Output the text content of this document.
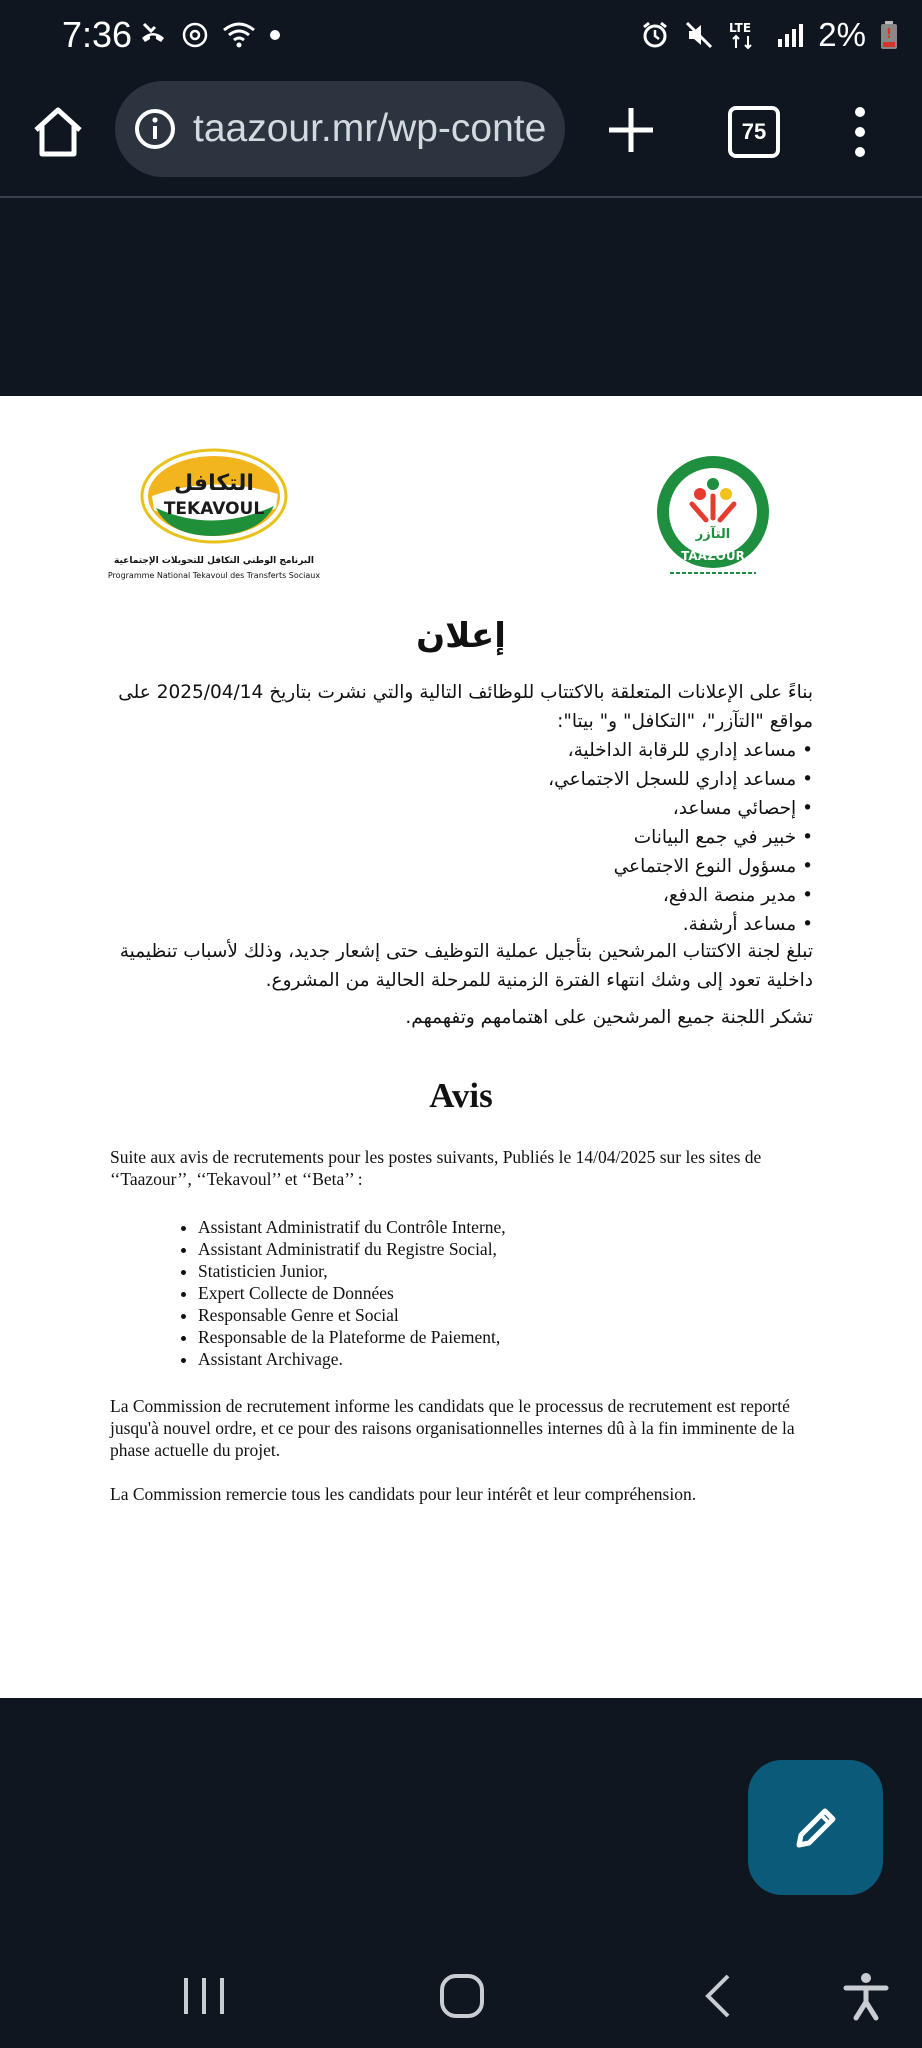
7:36	LTE 2% !
taazour.mr/wp-conte	75
التكافل
TEKAVOUL
البرنامج الوطني التكافل للتحويلات الإجتماعية
Programme National Tekavoul des Transferts Sociaux
التآزر
TAAZOUR
إعلان
بناءً على الإعلانات المتعلقة بالاكتتاب للوظائف التالية والتي نشرت بتاريخ 2025/04/14 على مواقع "التآزر"، "التكافل" و" بيتا":
• مساعد إداري للرقابة الداخلية،
• مساعد إداري للسجل الاجتماعي،
• إحصائي مساعد،
• خبير في جمع البيانات
• مسؤول النوع الاجتماعي
• مدير منصة الدفع،
• مساعد أرشفة.
تبلغ لجنة الاكتتاب المرشحين بتأجيل عملية التوظيف حتى إشعار جديد، وذلك لأسباب تنظيمية داخلية تعود إلى وشك انتهاء الفترة الزمنية للمرحلة الحالية من المشروع.
تشكر اللجنة جميع المرشحين على اهتمامهم وتفهمهم.
Avis
Suite aux avis de recrutements pour les postes suivants, Publiés le 14/04/2025 sur les sites de ‘‘Taazour’’, ‘‘Tekavoul’’ et ‘‘Beta’’ :
• Assistant Administratif du Contrôle Interne,
• Assistant Administratif du Registre Social,
• Statisticien Junior,
• Expert Collecte de Données
• Responsable Genre et Social
• Responsable de la Plateforme de Paiement,
• Assistant Archivage.
La Commission de recrutement informe les candidats que le processus de recrutement est reporté jusqu'à nouvel ordre, et ce pour des raisons organisationnelles internes dû à la fin imminente de la phase actuelle du projet.
La Commission remercie tous les candidats pour leur intérêt et leur compréhension.
